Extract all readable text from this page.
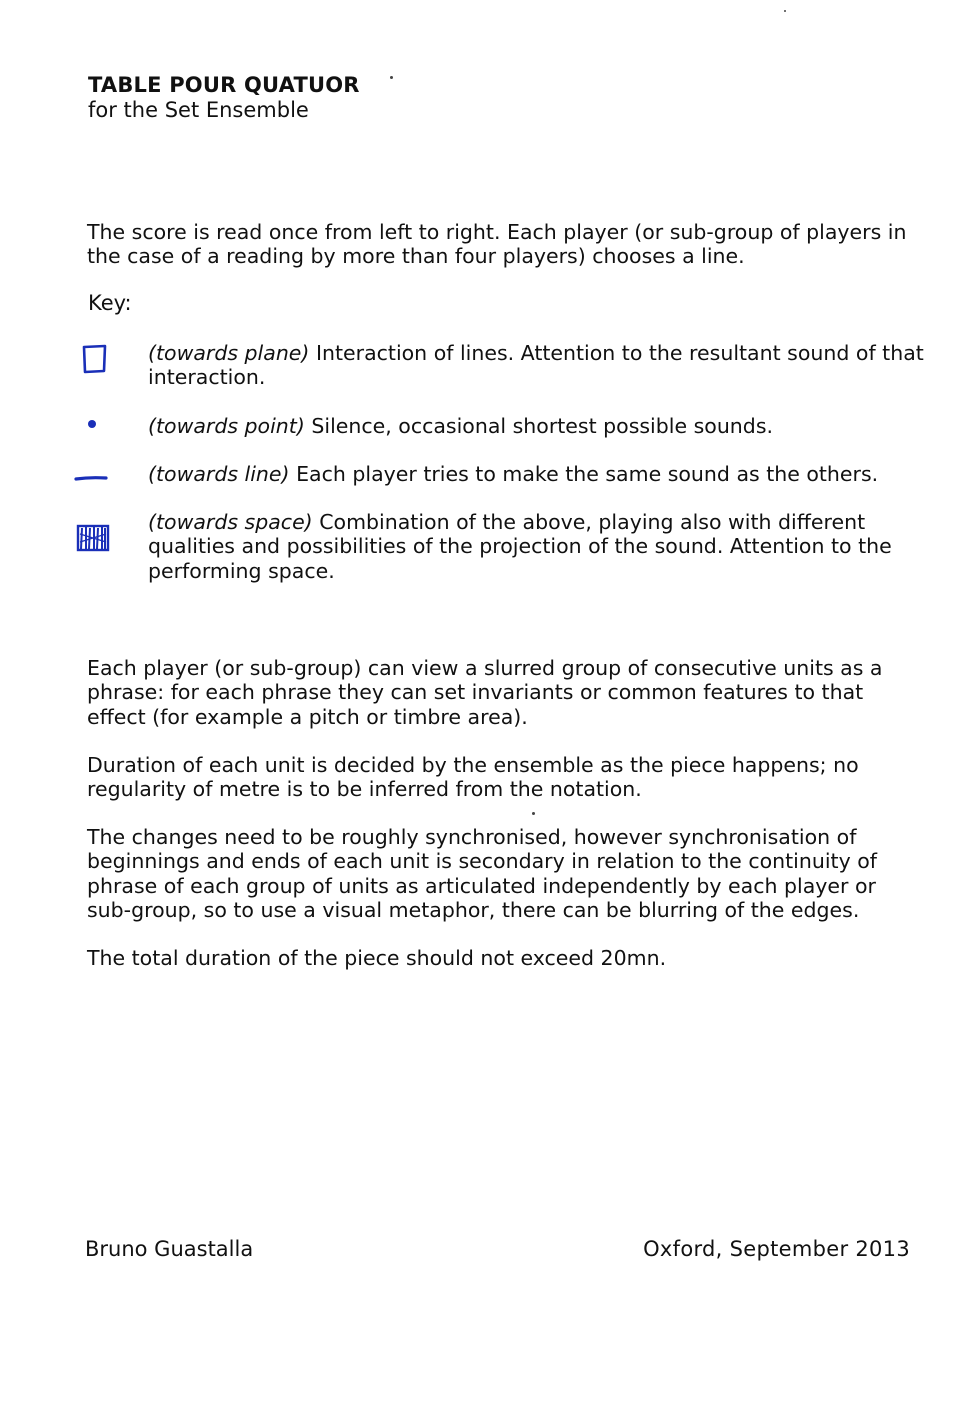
TABLE POUR QUATUOR

for the Set Ensemble

The score is read once from left to right. Each player (or sub-group of players in the case of a reading by more than four players) chooses a line.

Key:

(towards plane) Interaction of lines. Attention to the resultant sound of that interaction.

(towards point) Silence, occasional shortest possible sounds.

(towards line) Each player tries to make the same sound as the others.

(towards space) Combination of the above, playing also with different qualities and possibilities of the projection of the sound. Attention to the performing space.

Each player (or sub-group) can view a slurred group of consecutive units as a phrase: for each phrase they can set invariants or common features to that effect (for example a pitch or timbre area).

Duration of each unit is decided by the ensemble as the piece happens; no regularity of metre is to be inferred from the notation.

The changes need to be roughly synchronised, however synchronisation of beginnings and ends of each unit is secondary in relation to the continuity of phrase of each group of units as articulated independently by each player or sub-group, so to use a visual metaphor, there can be blurring of the edges.

The total duration of the piece should not exceed 20mn.

Bruno Guastalla	Oxford, September 2013
